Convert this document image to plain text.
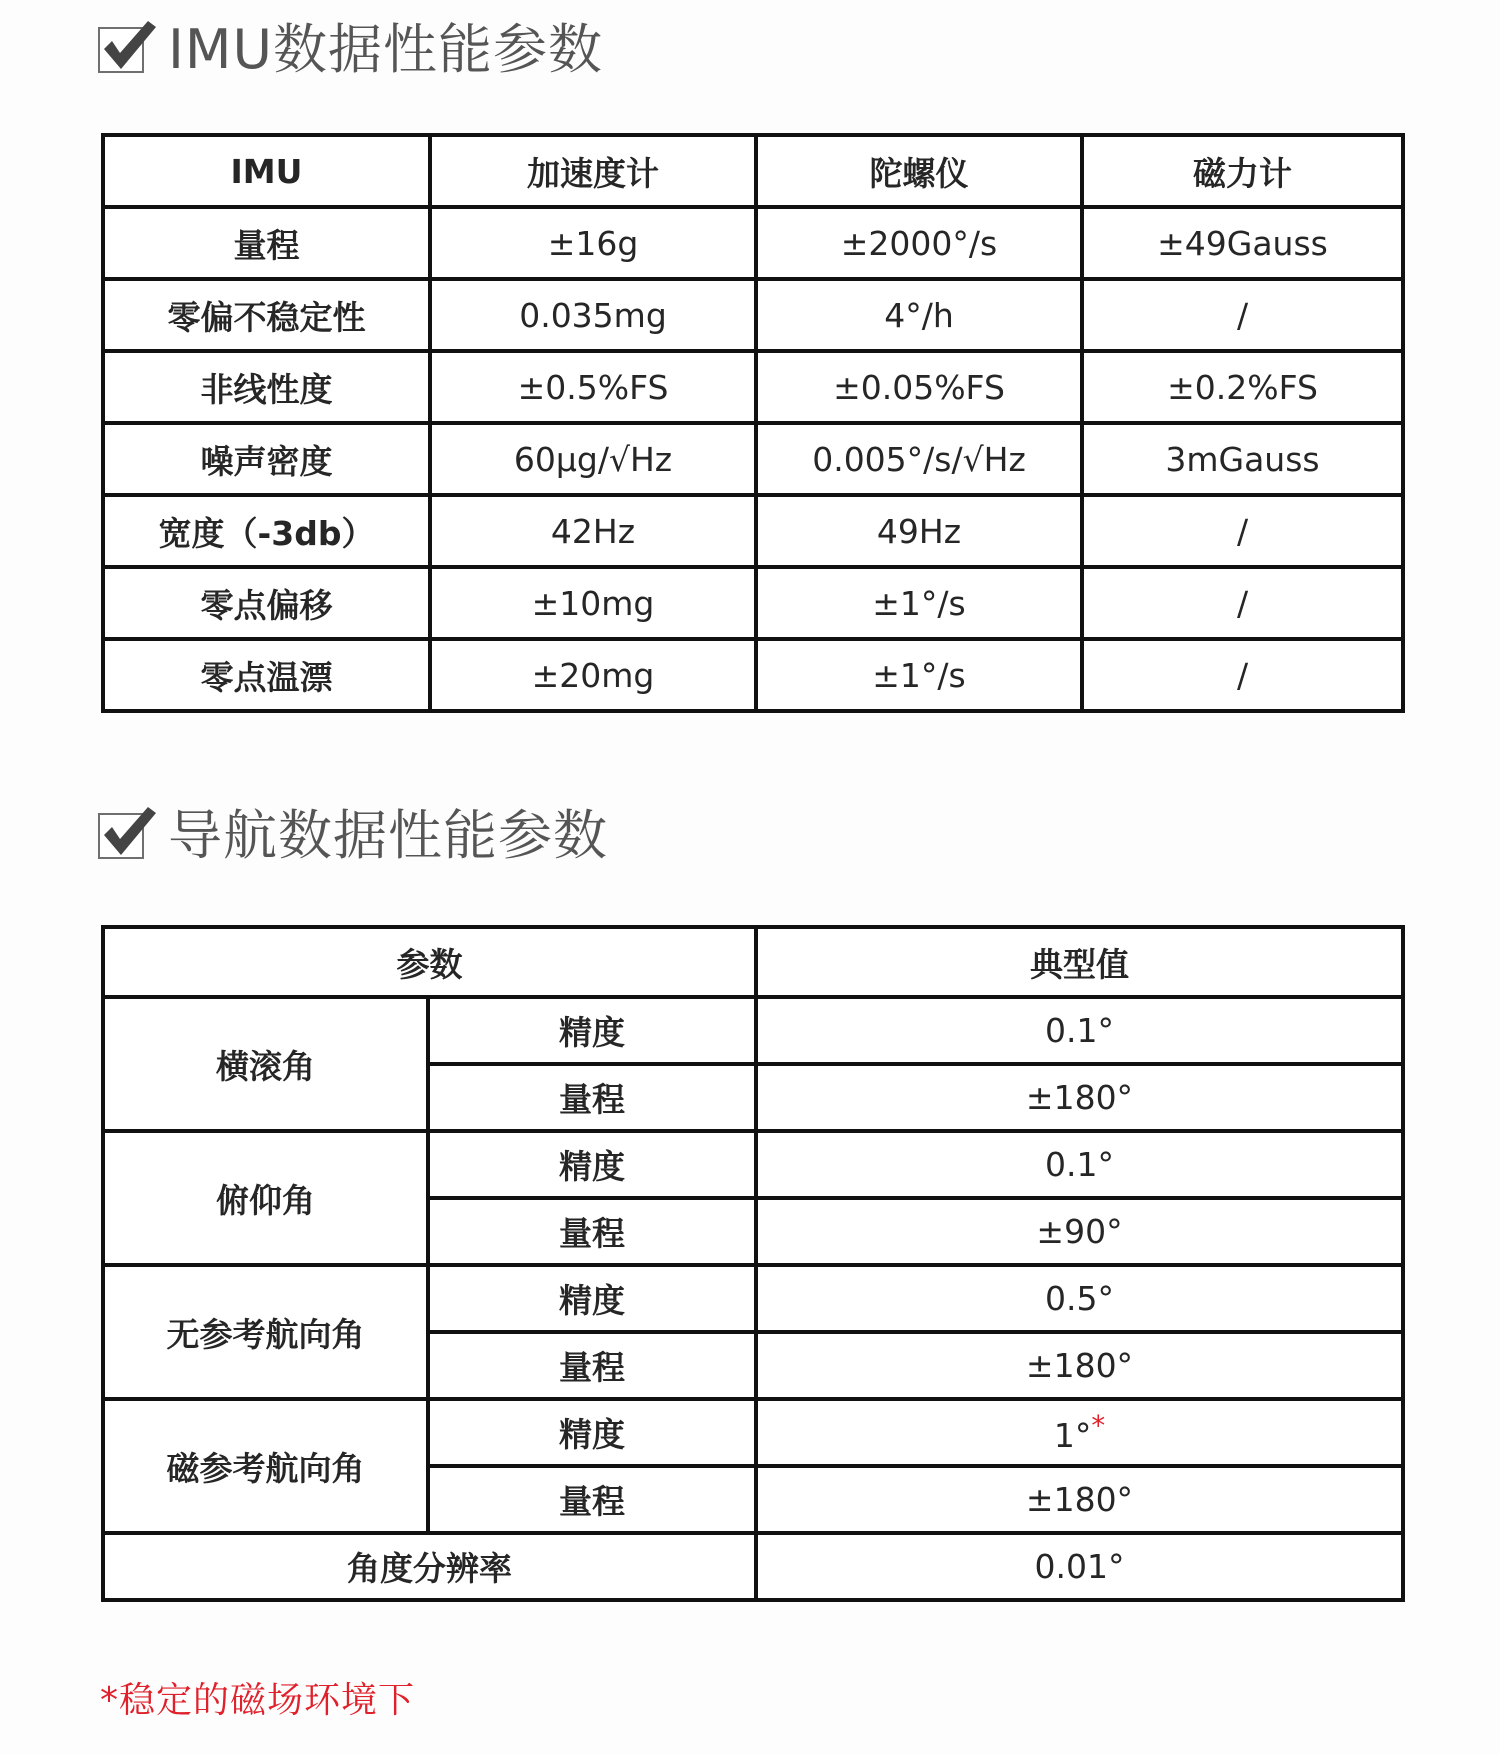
IMU数据性能参数
IMU	加速度计	陀螺仪	磁力计
量程	±16g	±2000°/s	±49Gauss
零偏不稳定性	0.035mg	4°/h	/
非线性度	±0.5%FS	±0.05%FS	±0.2%FS
噪声密度	60μg/√Hz	0.005°/s/√Hz	3mGauss
宽度（-3db）	42Hz	49Hz	/
零点偏移	±10mg	±1°/s	/
零点温漂	±20mg	±1°/s	/
导航数据性能参数
参数		典型值
横滚角	精度	0.1°
	量程	±180°
俯仰角	精度	0.1°
	量程	±90°
无参考航向角	精度	0.5°
	量程	±180°
磁参考航向角	精度	1°*
	量程	±180°
角度分辨率		0.01°
*稳定的磁场环境下
